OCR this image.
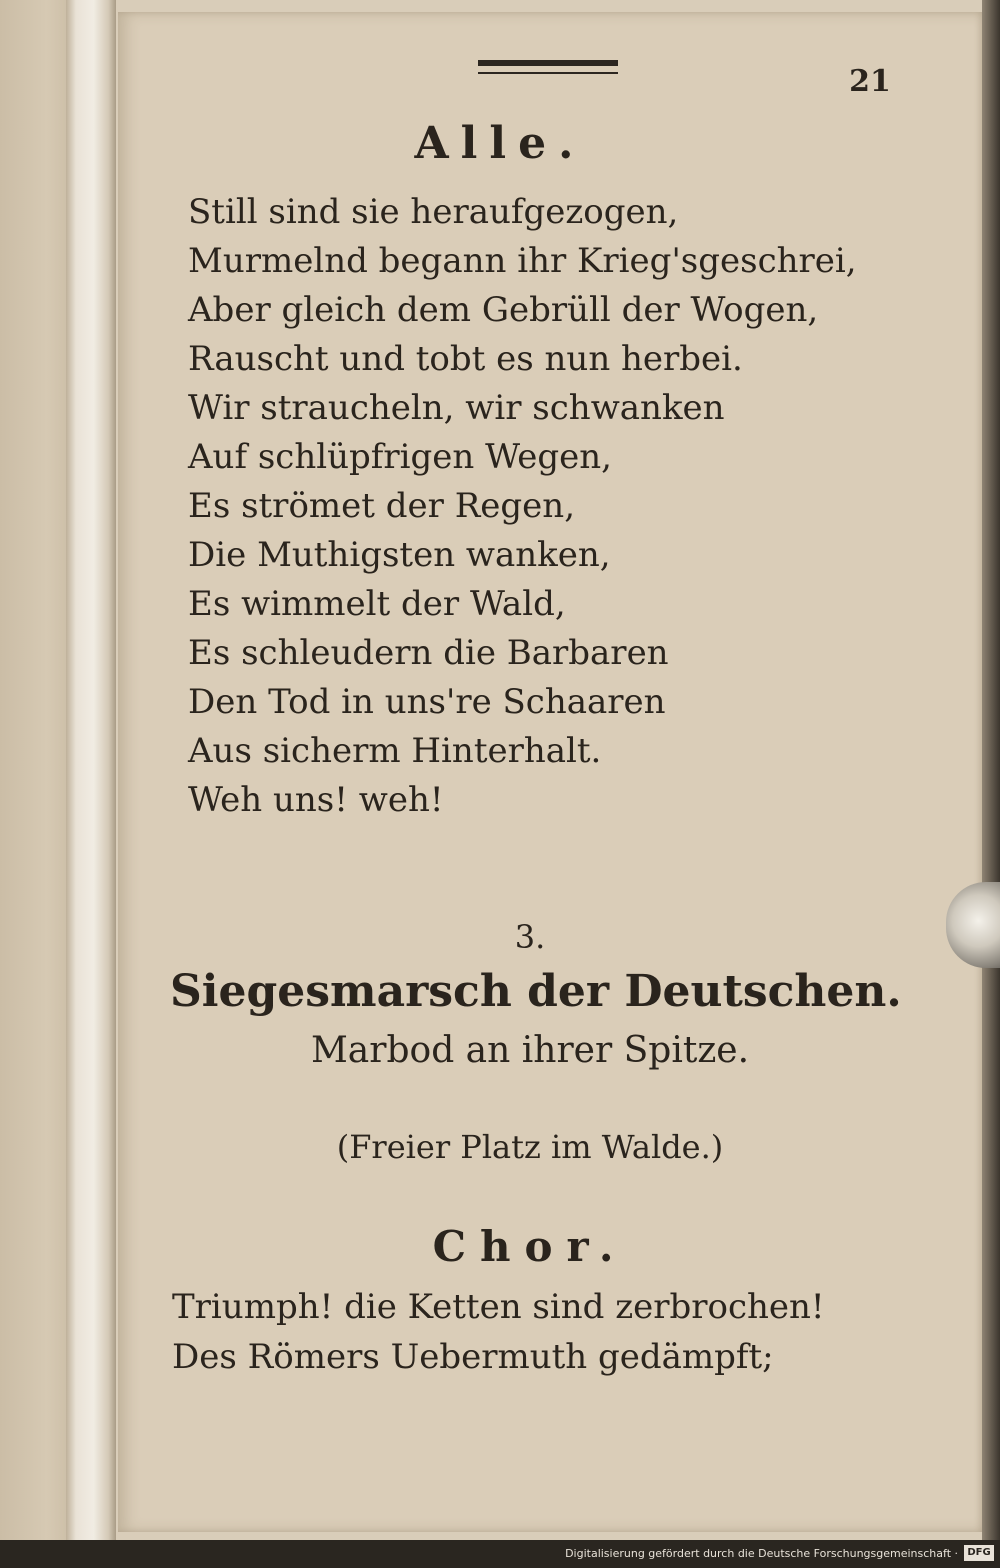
21
Alle.
Still sind sie heraufgezogen,
Murmelnd begann ihr Krieg'sgeschrei,
Aber gleich dem Gebrüll der Wogen,
Rauscht und tobt es nun herbei.
Wir straucheln, wir schwanken
Auf schlüpfrigen Wegen,
Es strömet der Regen,
Die Muthigsten wanken,
Es wimmelt der Wald,
Es schleudern die Barbaren
Den Tod in uns're Schaaren
Aus sicherm Hinterhalt.
Weh uns! weh!
3.
Siegesmarsch der Deutschen.
Marbod an ihrer Spitze.
(Freier Platz im Walde.)
Chor.
Triumph! die Ketten sind zerbrochen!
Des Römers Uebermuth gedämpft;
Digitalisierung gefördert durch die Deutsche Forschungsgemeinschaft · DFG
